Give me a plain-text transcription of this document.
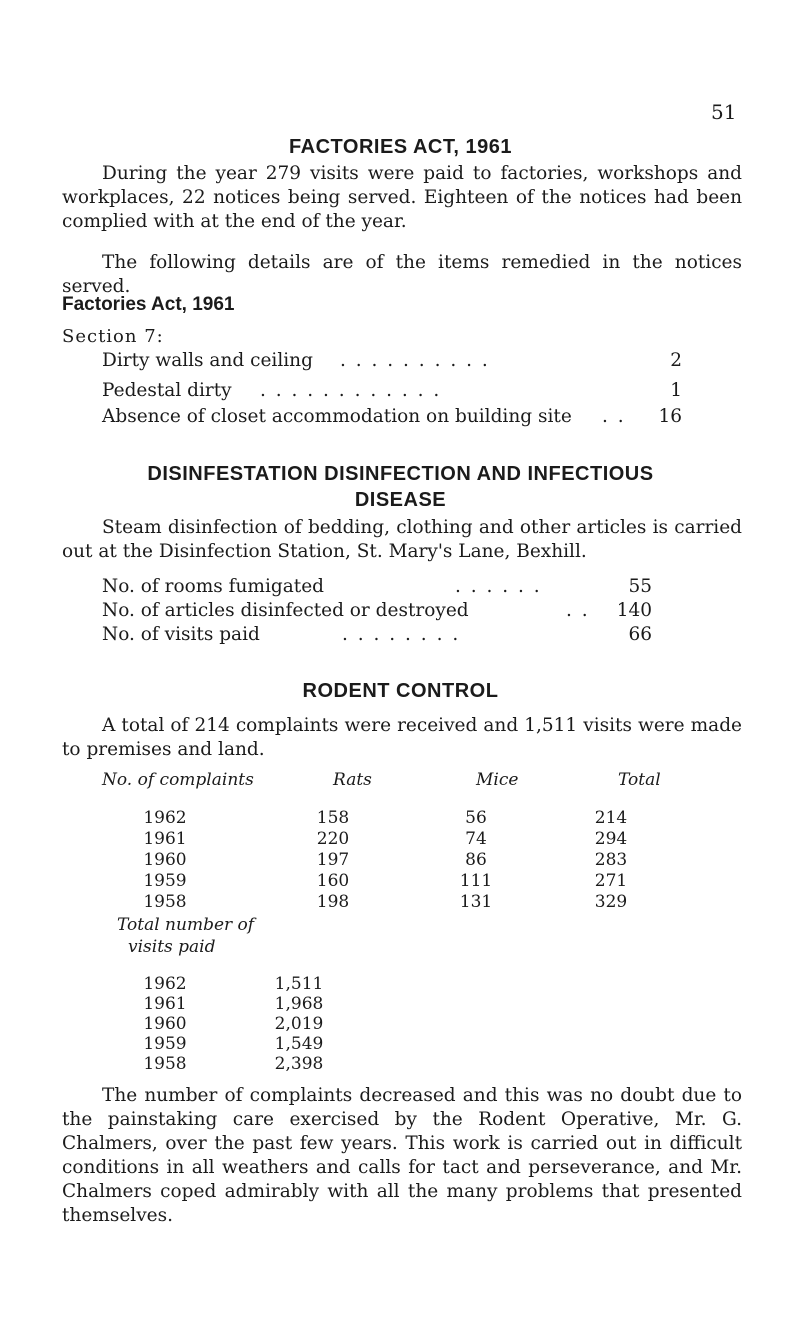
51
FACTORIES ACT, 1961
During the year 279 visits were paid to factories, workshops and workplaces, 22 notices being served. Eighteen of the notices had been complied with at the end of the year.
The following details are of the items remedied in the notices served.
Factories Act, 1961
Section 7:
Dirty walls and ceiling . . . . . . . . . .	2
Pedestal dirty . . . . . . . . . . . .	1
Absence of closet accommodation on building site . .	16
DISINFESTATION DISINFECTION AND INFECTIOUS
DISEASE
Steam disinfection of bedding, clothing and other articles is carried out at the Disinfection Station, St. Mary's Lane, Bexhill.
No. of rooms fumigated	. . . . . .	55
No. of articles disinfected or destroyed	. .	140
No. of visits paid	. . . . . . . .	66
RODENT CONTROL
A total of 214 complaints were received and 1,511 visits were made to premises and land.
No. of complaints	Rats	Mice	Total
1962	158	56	214
1961	220	74	294
1960	197	86	283
1959	160	111	271
1958	198	131	329
Total number of
visits paid
1962	1,511
1961	1,968
1960	2,019
1959	1,549
1958	2,398
The number of complaints decreased and this was no doubt due to the painstaking care exercised by the Rodent Operative, Mr. G. Chalmers, over the past few years. This work is carried out in difficult conditions in all weathers and calls for tact and perseverance, and Mr. Chalmers coped admirably with all the many problems that presented themselves.
